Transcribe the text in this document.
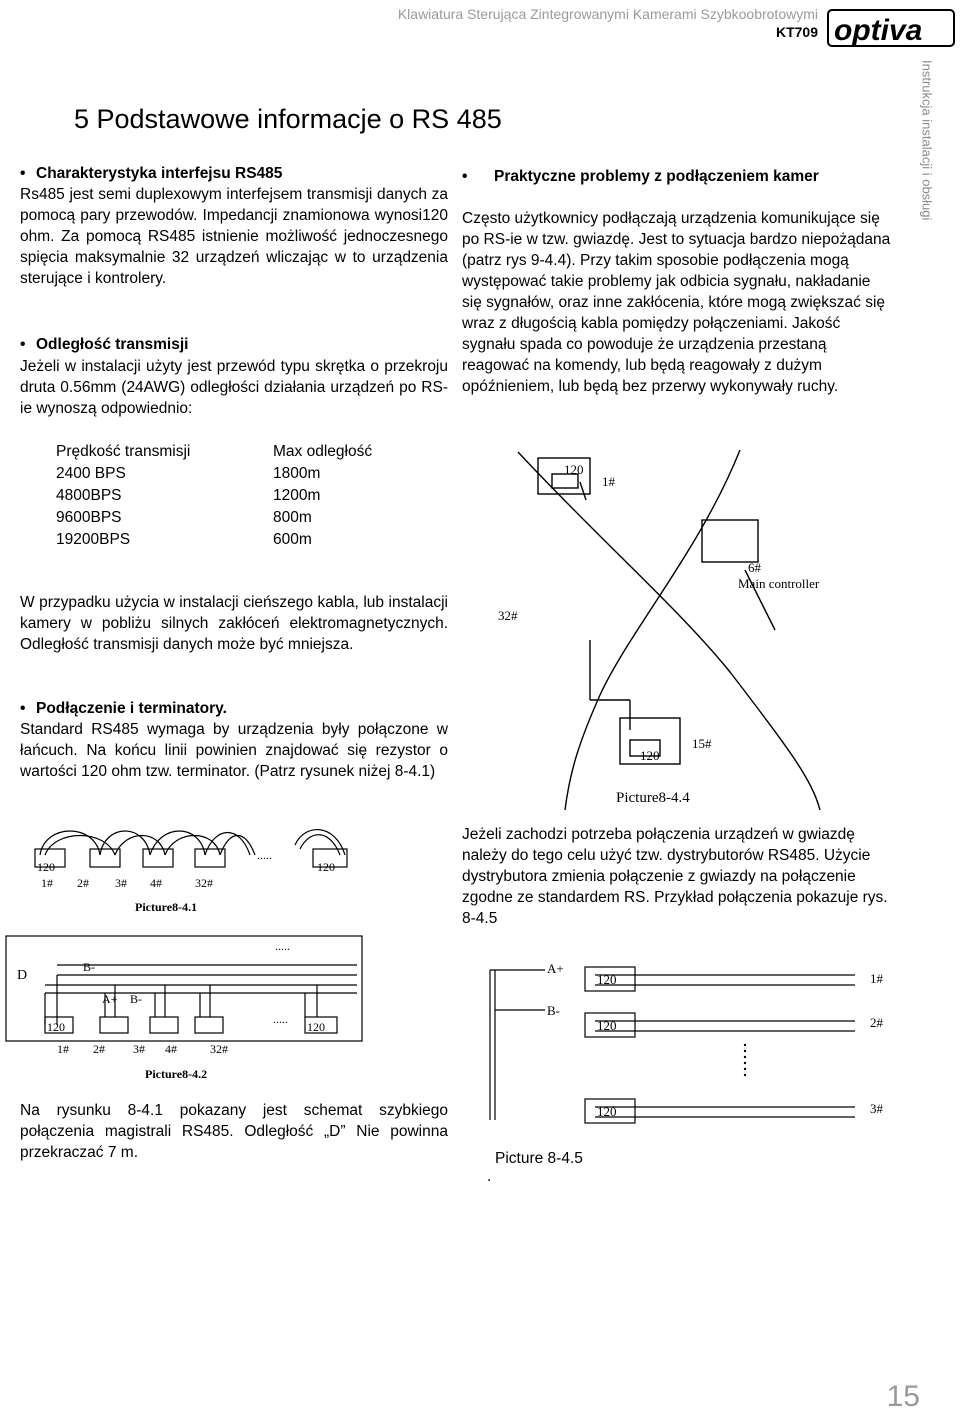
Klawiatura Sterująca Zintegrowanymi Kamerami Szybkoobrotowymi
KT709 optiva
Instrukcja instalacji i obsługi
5 Podstawowe informacje o RS 485
• Charakterystyka interfejsu RS485
Rs485 jest semi duplexowym interfejsem transmisji danych za pomocą pary przewodów. Impedancji znamionowa wynosi120 ohm. Za pomocą RS485 istnienie możliwość jednoczesnego spięcia maksymalnie 32 urządzeń wliczając w to urządzenia sterujące i kontrolery.
• Odległość transmisji
Jeżeli w instalacji użyty jest przewód typu skrętka o przekroju druta 0.56mm (24AWG) odległości działania urządzeń po RS-ie wynoszą odpowiednio:
Prędkość transmisji	Max odległość
2400 BPS	1800m
4800BPS	1200m
9600BPS	800m
19200BPS	600m
W przypadku użycia w instalacji cieńszego kabla, lub instalacji kamery w pobliżu silnych zakłóceń elektromagnetycznych. Odległość transmisji danych może być mniejsza.
• Podłączenie i terminatory.
Standard RS485 wymaga by urządzenia były połączone w łańcuch. Na końcu linii powinien znajdować się rezystor o wartości 120 ohm tzw. terminator. (Patrz rysunek niżej 8-4.1)
120	120
.....
1# 2# 3# 4#	32#
Picture8-4.1
D
B-
A+ B-
120	120
.....
.....
1# 2# 3# 4#	32#
Picture8-4.2
Na rysunku 8-4.1 pokazany jest schemat szybkiego połączenia magistrali RS485. Odległość „D” Nie powinna przekraczać 7 m.
• Praktyczne problemy z podłączeniem kamer
Często użytkownicy podłączają urządzenia komunikujące się po RS-ie w tzw. gwiazdę. Jest to sytuacja bardzo niepożądana (patrz rys 9-4.4). Przy takim sposobie podłączenia mogą występować takie problemy jak odbicia sygnału, nakładanie się sygnałów, oraz inne zakłócenia, które mogą zwiększać się wraz z długością kabla pomiędzy połączeniami. Jakość sygnału spada co powoduje że urządzenia przestaną reagować na komendy, lub będą reagowały z dużym opóźnieniem, lub będą bez przerwy wykonywały ruchy.
120
1#
6#
Main controller
32#
120
15#
Picture8-4.4
Jeżeli zachodzi potrzeba połączenia urządzeń w gwiazdę należy do tego celu użyć tzw. dystrybutorów RS485. Użycie dystrybutora zmienia połączenie z gwiazdy na połączenie zgodne ze standardem RS. Przykład połączenia pokazuje rys. 8-4.5
A+
B-
120	1#
120	2#
120	3#
Picture 8-4.5
.
15
